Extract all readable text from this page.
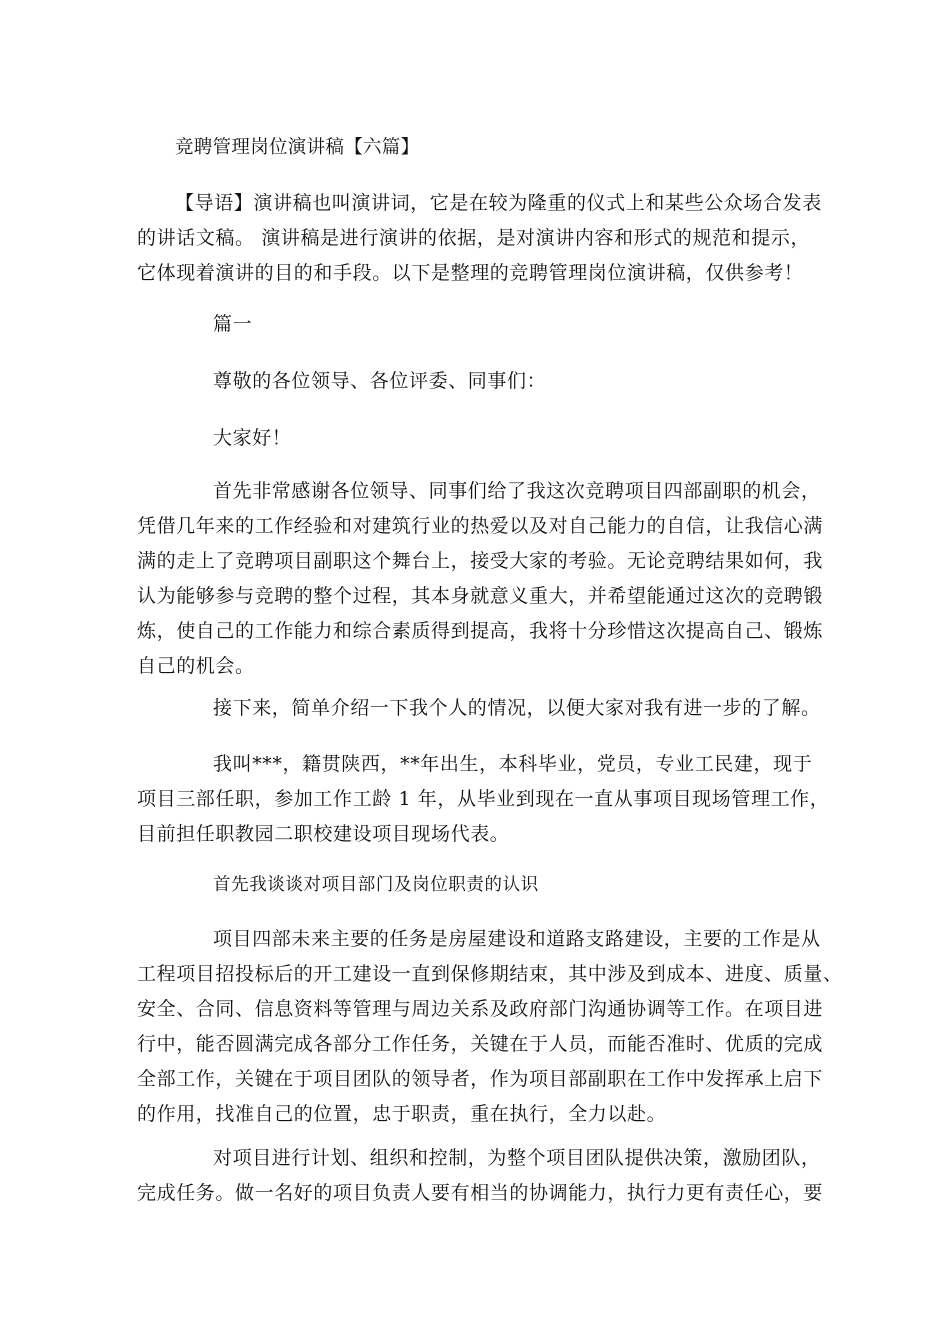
竞聘管理岗位演讲稿【六篇】
【导语】演讲稿也叫演讲词，它是在较为隆重的仪式上和某些公众场合发表
的讲话文稿。 演讲稿是进行演讲的依据，是对演讲内容和形式的规范和提示，
它体现着演讲的目的和手段。以下是整理的竞聘管理岗位演讲稿，仅供参考！
篇一
尊敬的各位领导、各位评委、同事们：
大家好！
首先非常感谢各位领导、同事们给了我这次竞聘项目四部副职的机会，
凭借几年来的工作经验和对建筑行业的热爱以及对自己能力的自信，让我信心满
满的走上了竞聘项目副职这个舞台上，接受大家的考验。无论竞聘结果如何，我
认为能够参与竞聘的整个过程，其本身就意义重大，并希望能通过这次的竞聘锻
炼，使自己的工作能力和综合素质得到提高，我将十分珍惜这次提高自己、锻炼
自己的机会。
接下来，简单介绍一下我个人的情况，以便大家对我有进一步的了解。
我叫***，籍贯陕西，**年出生，本科毕业，党员，专业工民建，现于
项目三部任职，参加工作工龄 1 年，从毕业到现在一直从事项目现场管理工作，
目前担任职教园二职校建设项目现场代表。
首先我谈谈对项目部门及岗位职责的认识
项目四部未来主要的任务是房屋建设和道路支路建设，主要的工作是从
工程项目招投标后的开工建设一直到保修期结束，其中涉及到成本、进度、质量、
安全、合同、信息资料等管理与周边关系及政府部门沟通协调等工作。在项目进
行中，能否圆满完成各部分工作任务，关键在于人员，而能否准时、优质的完成
全部工作，关键在于项目团队的领导者，作为项目部副职在工作中发挥承上启下
的作用，找准自己的位置，忠于职责，重在执行，全力以赴。
对项目进行计划、组织和控制，为整个项目团队提供决策，激励团队，
完成任务。做一名好的项目负责人要有相当的协调能力，执行力更有责任心，要
